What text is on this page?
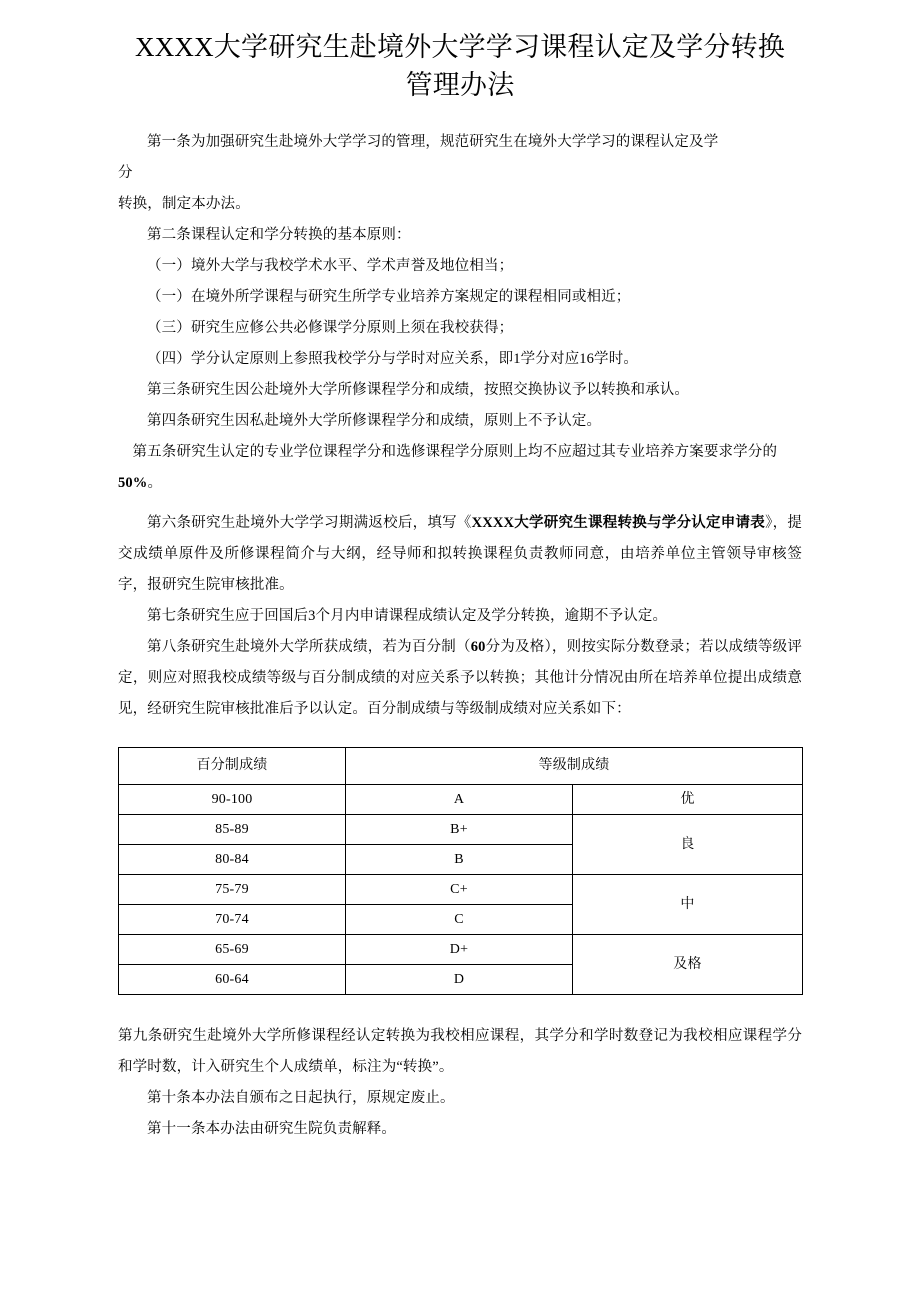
XXXX大学研究生赴境外大学学习课程认定及学分转换
管理办法

第一条为加强研究生赴境外大学学习的管理，规范研究生在境外大学学习的课程认定及学

分

转换，制定本办法。

第二条课程认定和学分转换的基本原则：

（一）境外大学与我校学术水平、学术声誉及地位相当；

（一）在境外所学课程与研究生所学专业培养方案规定的课程相同或相近；

（三）研究生应修公共必修课学分原则上须在我校获得；

（四）学分认定原则上参照我校学分与学时对应关系，即1学分对应16学时。

第三条研究生因公赴境外大学所修课程学分和成绩，按照交换协议予以转换和承认。

第四条研究生因私赴境外大学所修课程学分和成绩，原则上不予认定。

第五条研究生认定的专业学位课程学分和选修课程学分原则上均不应超过其专业培养方案要求学分的

50%。

第六条研究生赴境外大学学习期满返校后，填写《XXXX大学研究生课程转换与学分认定申请表》，提交成绩单原件及所修课程简介与大纲，经导师和拟转换课程负责教师同意，由培养单位主管领导审核签字，报研究生院审核批准。

第七条研究生应于回国后3个月内申请课程成绩认定及学分转换，逾期不予认定。

第八条研究生赴境外大学所获成绩，若为百分制（60分为及格），则按实际分数登录；若以成绩等级评定，则应对照我校成绩等级与百分制成绩的对应关系予以转换；其他计分情况由所在培养单位提出成绩意见，经研究生院审核批准后予以认定。百分制成绩与等级制成绩对应关系如下：

百分制成绩	等级制成绩	
90-100	A	优
85-89	B+	良
80-84	B	
75-79	C+	中
70-74	C	
65-69	D+	及格
60-64	D	

第九条研究生赴境外大学所修课程经认定转换为我校相应课程，其学分和学时数登记为我校相应课程学分和学时数，计入研究生个人成绩单，标注为“转换”。

第十条本办法自颁布之日起执行，原规定废止。

第十一条本办法由研究生院负责解释。
